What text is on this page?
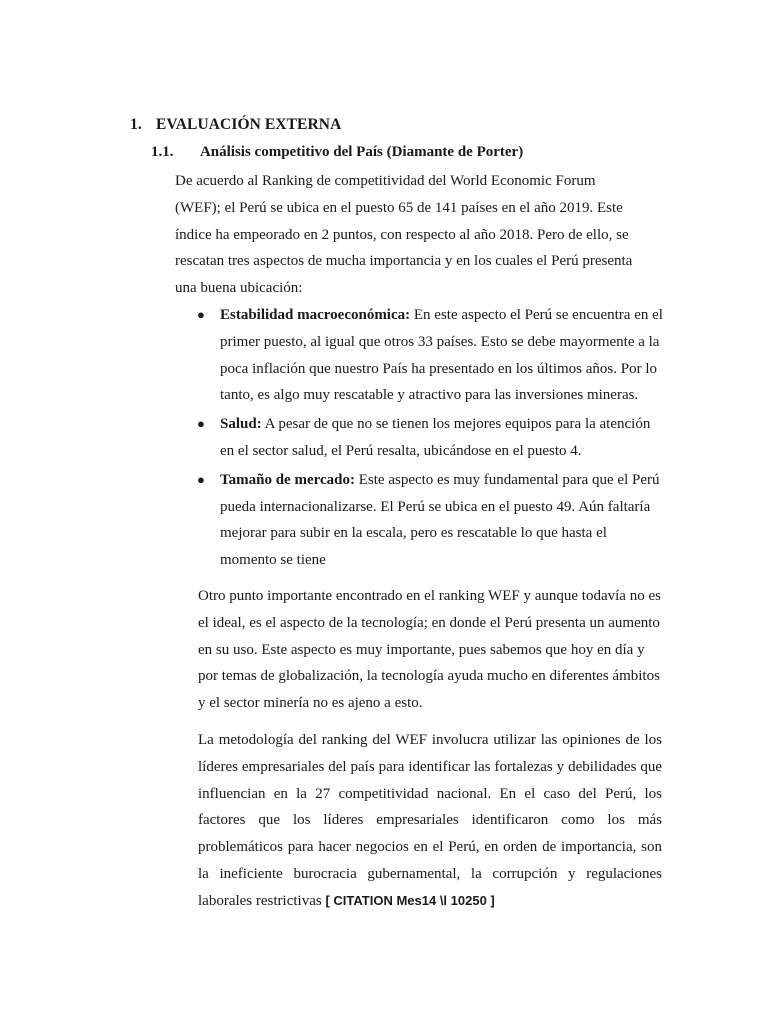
1. EVALUACIÓN EXTERNA
1.1. Análisis competitivo del País (Diamante de Porter)
De acuerdo al Ranking de competitividad del World Economic Forum (WEF); el Perú se ubica en el puesto 65 de 141 países en el año 2019. Este índice ha empeorado en 2 puntos, con respecto al año 2018. Pero de ello, se rescatan tres aspectos de mucha importancia y en los cuales el Perú presenta una buena ubicación:
● Estabilidad macroeconómica: En este aspecto el Perú se encuentra en el primer puesto, al igual que otros 33 países. Esto se debe mayormente a la poca inflación que nuestro País ha presentado en los últimos años. Por lo tanto, es algo muy rescatable y atractivo para las inversiones mineras.
● Salud: A pesar de que no se tienen los mejores equipos para la atención en el sector salud, el Perú resalta, ubicándose en el puesto 4.
● Tamaño de mercado: Este aspecto es muy fundamental para que el Perú pueda internacionalizarse. El Perú se ubica en el puesto 49. Aún faltaría mejorar para subir en la escala, pero es rescatable lo que hasta el momento se tiene
Otro punto importante encontrado en el ranking WEF y aunque todavía no es el ideal, es el aspecto de la tecnología; en donde el Perú presenta un aumento en su uso. Este aspecto es muy importante, pues sabemos que hoy en día y por temas de globalización, la tecnología ayuda mucho en diferentes ámbitos y el sector minería no es ajeno a esto.
La metodología del ranking del WEF involucra utilizar las opiniones de los líderes empresariales del país para identificar las fortalezas y debilidades que influencian en la 27 competitividad nacional. En el caso del Perú, los factores que los líderes empresariales identificaron como los más problemáticos para hacer negocios en el Perú, en orden de importancia, son la ineficiente burocracia gubernamental, la corrupción y regulaciones laborales restrictivas [ CITATION Mes14 \l 10250 ]
